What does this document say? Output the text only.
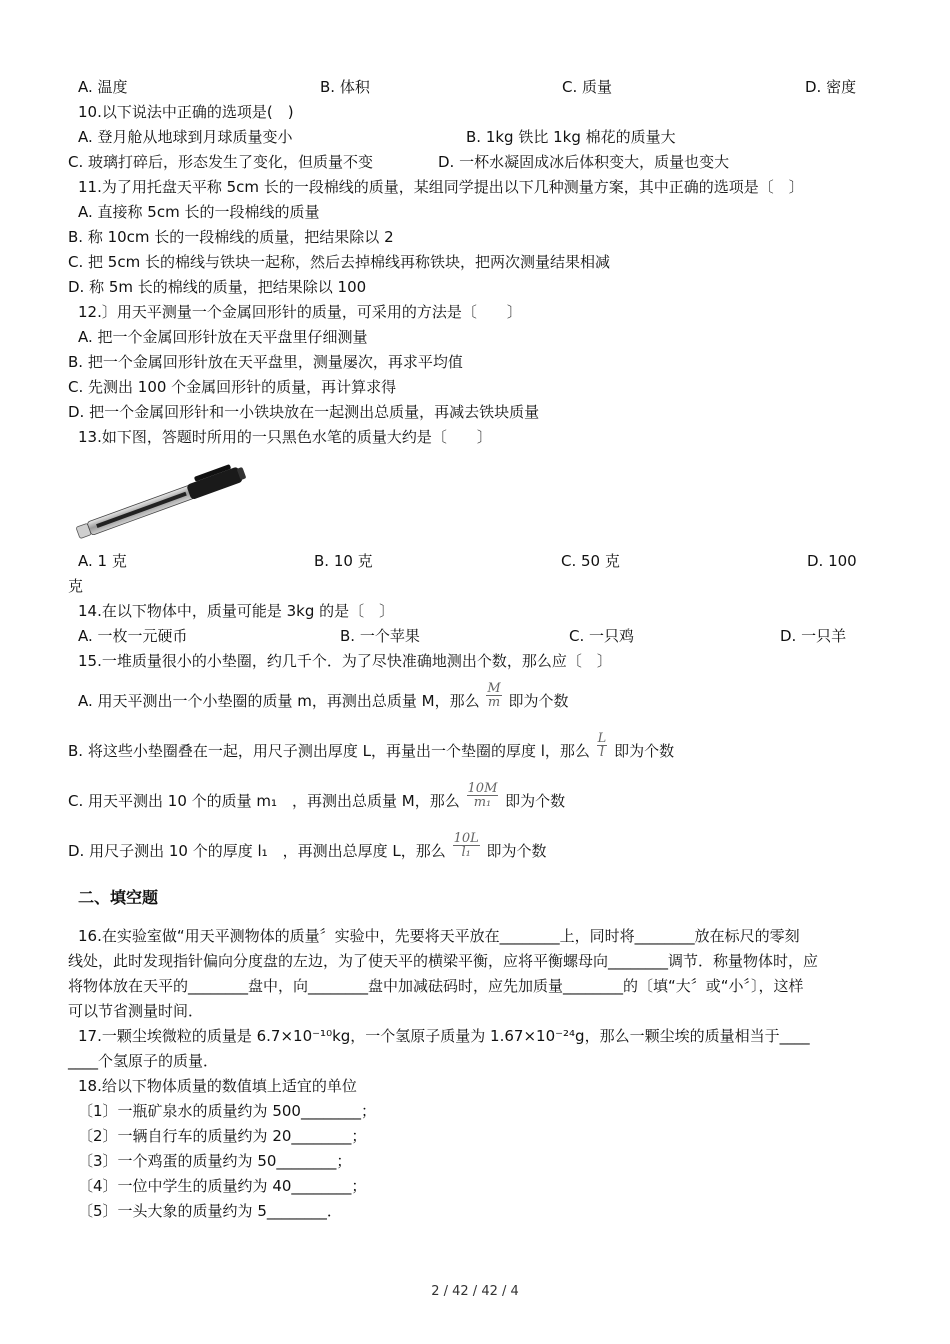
A. 温度	B. 体积	C. 质量	D. 密度
10.以下说法中正确的选项是(　)
A. 登月舱从地球到月球质量变小	B. 1kg 铁比 1kg 棉花的质量大
C. 玻璃打碎后，形态发生了变化，但质量不变	D. 一杯水凝固成冰后体积变大，质量也变大
11.为了用托盘天平称 5cm 长的一段棉线的质量，某组同学提出以下几种测量方案，其中正确的选项是〔　〕
A. 直接称 5cm 长的一段棉线的质量
B. 称 10cm 长的一段棉线的质量，把结果除以 2
C. 把 5cm 长的棉线与铁块一起称，然后去掉棉线再称铁块，把两次测量结果相减
D. 称 5m 长的棉线的质量，把结果除以 100
12.〕用天平测量一个金属回形针的质量，可采用的方法是〔　　〕
A. 把一个金属回形针放在天平盘里仔细测量
B. 把一个金属回形针放在天平盘里，测量屡次，再求平均值
C. 先测出 100 个金属回形针的质量，再计算求得
D. 把一个金属回形针和一小铁块放在一起测出总质量，再减去铁块质量
13.如下图，答题时所用的一只黑色水笔的质量大约是〔　　〕
A. 1 克	B. 10 克	C. 50 克	D. 100
克
14.在以下物体中，质量可能是 3kg 的是〔　〕
A. 一枚一元硬币	B. 一个苹果	C. 一只鸡	D. 一只羊
15.一堆质量很小的小垫圈，约几千个．为了尽快准确地测出个数，那么应〔　〕
A. 用天平测出一个小垫圈的质量 m，再测出总质量 M，那么 $\frac{M}{m}$ 即为个数
B. 将这些小垫圈叠在一起，用尺子测出厚度 L，再量出一个垫圈的厚度 l，那么 $\frac{L}{l}$ 即为个数
C. 用天平测出 10 个的质量 m₁　，再测出总质量 M，那么 $\frac{10M}{\text{m₁}}$ 即为个数
D. 用尺子测出 10 个的厚度 l₁　，再测出总厚度 L，那么 $\frac{10L}{\text{l₁}}$ 即为个数
二、填空题
16.在实验室做“用天平测物体的质量〞实验中，先要将天平放在________上，同时将________放在标尺的零刻
线处，此时发现指针偏向分度盘的左边，为了使天平的横梁平衡，应将平衡螺母向________调节．称量物体时，应
将物体放在天平的________盘中，向________盘中加减砝码时，应先加质量________的〔填“大〞或“小〞〕，这样
可以节省测量时间．
17.一颗尘埃微粒的质量是 6.7×10⁻¹⁰kg，一个氢原子质量为 1.67×10⁻²⁴g，那么一颗尘埃的质量相当于____
____个氢原子的质量．
18.给以下物体质量的数值填上适宜的单位
〔1〕一瓶矿泉水的质量约为 500________；
〔2〕一辆自行车的质量约为 20________；
〔3〕一个鸡蛋的质量约为 50________；
〔4〕一位中学生的质量约为 40________；
〔5〕一头大象的质量约为 5________．
2 / 42 / 42 / 4
